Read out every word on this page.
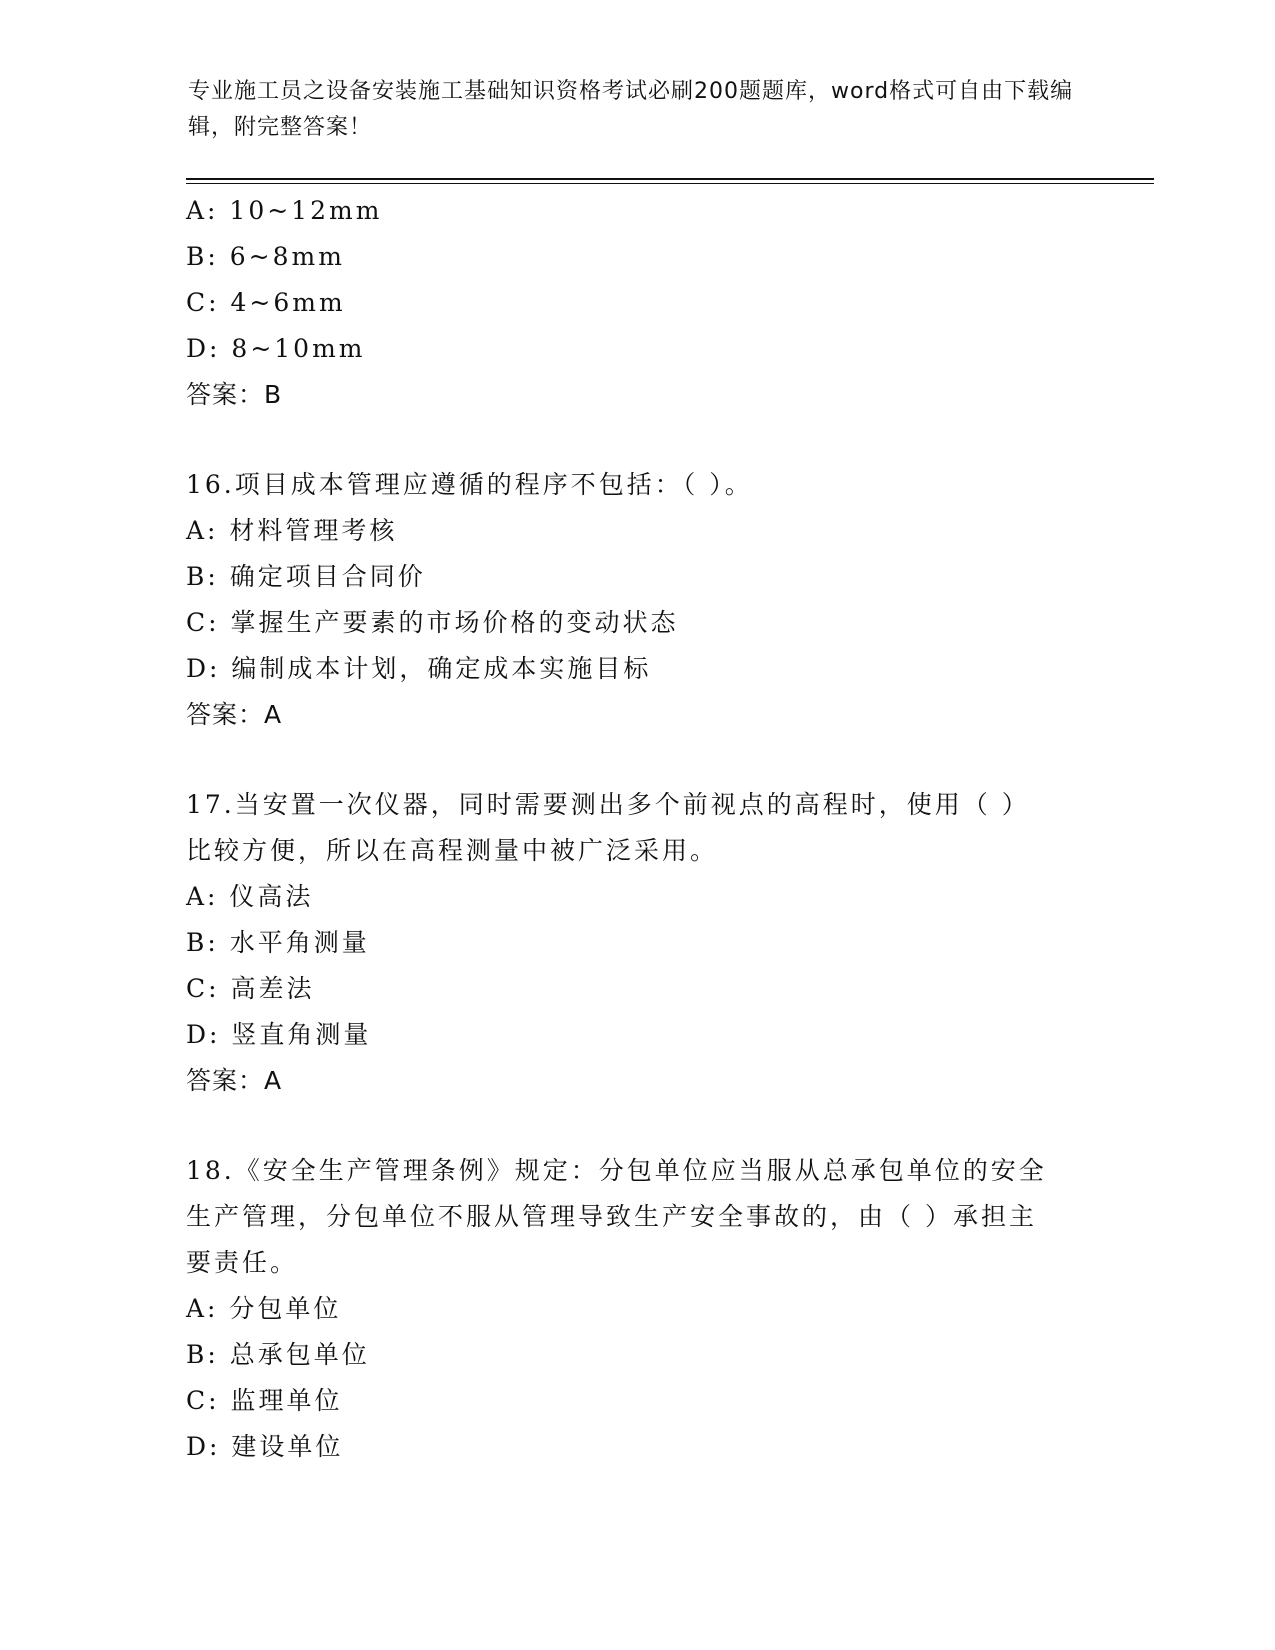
专业施工员之设备安装施工基础知识资格考试必刷200题题库，word格式可自由下载编辑，附完整答案！
A: 10~12mm
B: 6~8mm
C: 4~6mm
D: 8~10mm
答案：B
16.项目成本管理应遵循的程序不包括：（ ）。
A: 材料管理考核
B: 确定项目合同价
C: 掌握生产要素的市场价格的变动状态
D: 编制成本计划，确定成本实施目标
答案：A
17.当安置一次仪器，同时需要测出多个前视点的高程时，使用（ ）比较方便，所以在高程测量中被广泛采用。
A: 仪高法
B: 水平角测量
C: 高差法
D: 竖直角测量
答案：A
18.《安全生产管理条例》规定：分包单位应当服从总承包单位的安全生产管理，分包单位不服从管理导致生产安全事故的，由（ ）承担主要责任。
A: 分包单位
B: 总承包单位
C: 监理单位
D: 建设单位
